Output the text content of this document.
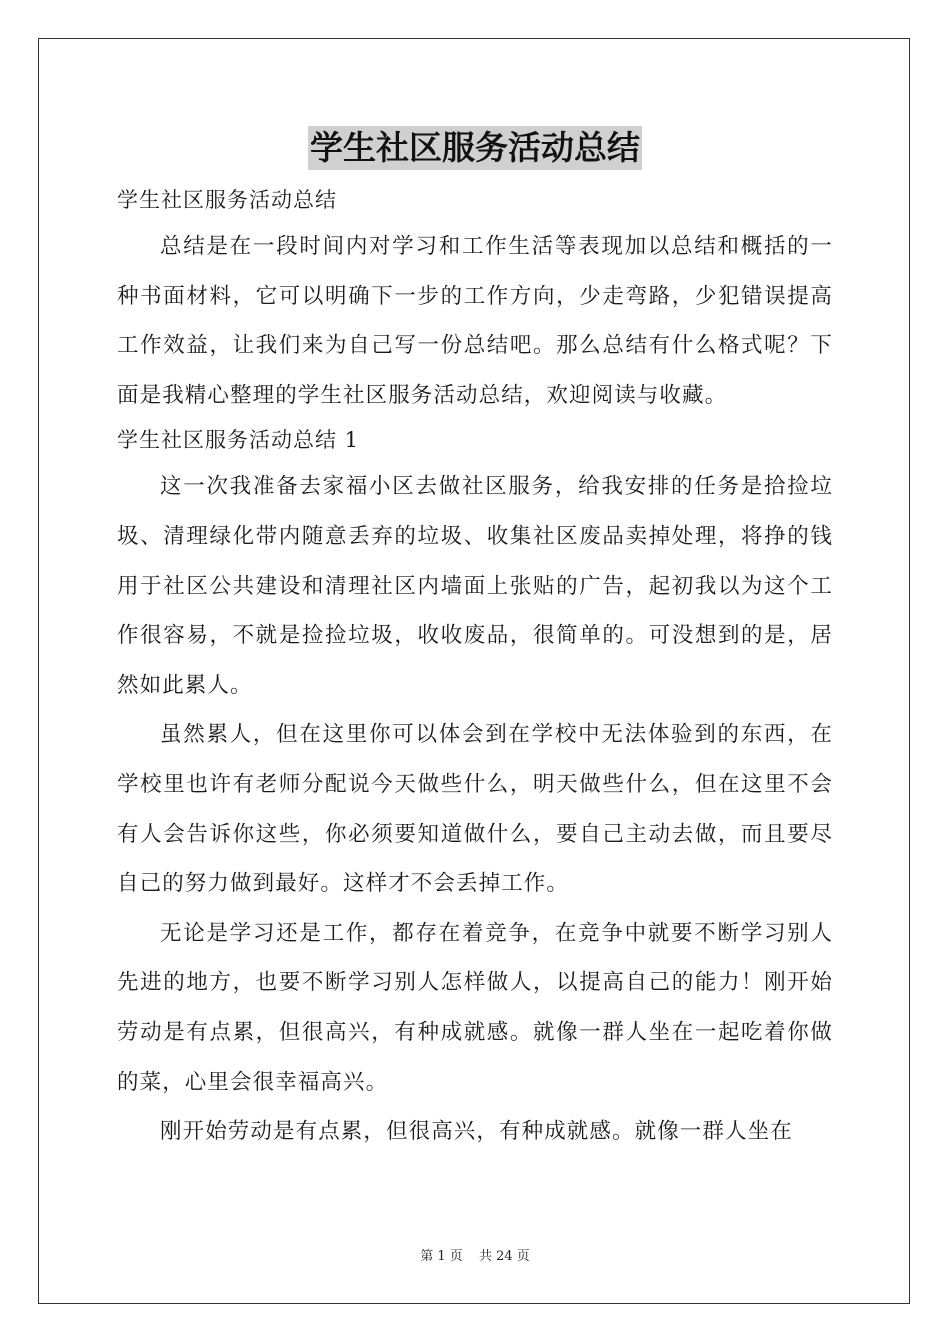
学生社区服务活动总结

学生社区服务活动总结

总结是在一段时间内对学习和工作生活等表现加以总结和概括的一种书面材料，它可以明确下一步的工作方向，少走弯路，少犯错误提高工作效益，让我们来为自己写一份总结吧。那么总结有什么格式呢？下面是我精心整理的学生社区服务活动总结，欢迎阅读与收藏。

学生社区服务活动总结 1

这一次我准备去家福小区去做社区服务，给我安排的任务是拾捡垃圾、清理绿化带内随意丢弃的垃圾、收集社区废品卖掉处理，将挣的钱用于社区公共建设和清理社区内墙面上张贴的广告，起初我以为这个工作很容易，不就是捡捡垃圾，收收废品，很简单的。可没想到的是，居然如此累人。

虽然累人，但在这里你可以体会到在学校中无法体验到的东西，在学校里也许有老师分配说今天做些什么，明天做些什么，但在这里不会有人会告诉你这些，你必须要知道做什么，要自己主动去做，而且要尽自己的努力做到最好。这样才不会丢掉工作。

无论是学习还是工作，都存在着竞争，在竞争中就要不断学习别人先进的地方，也要不断学习别人怎样做人，以提高自己的能力！刚开始劳动是有点累，但很高兴，有种成就感。就像一群人坐在一起吃着你做的菜，心里会很幸福高兴。

刚开始劳动是有点累，但很高兴，有种成就感。就像一群人坐在

第 1 页 共 24 页
